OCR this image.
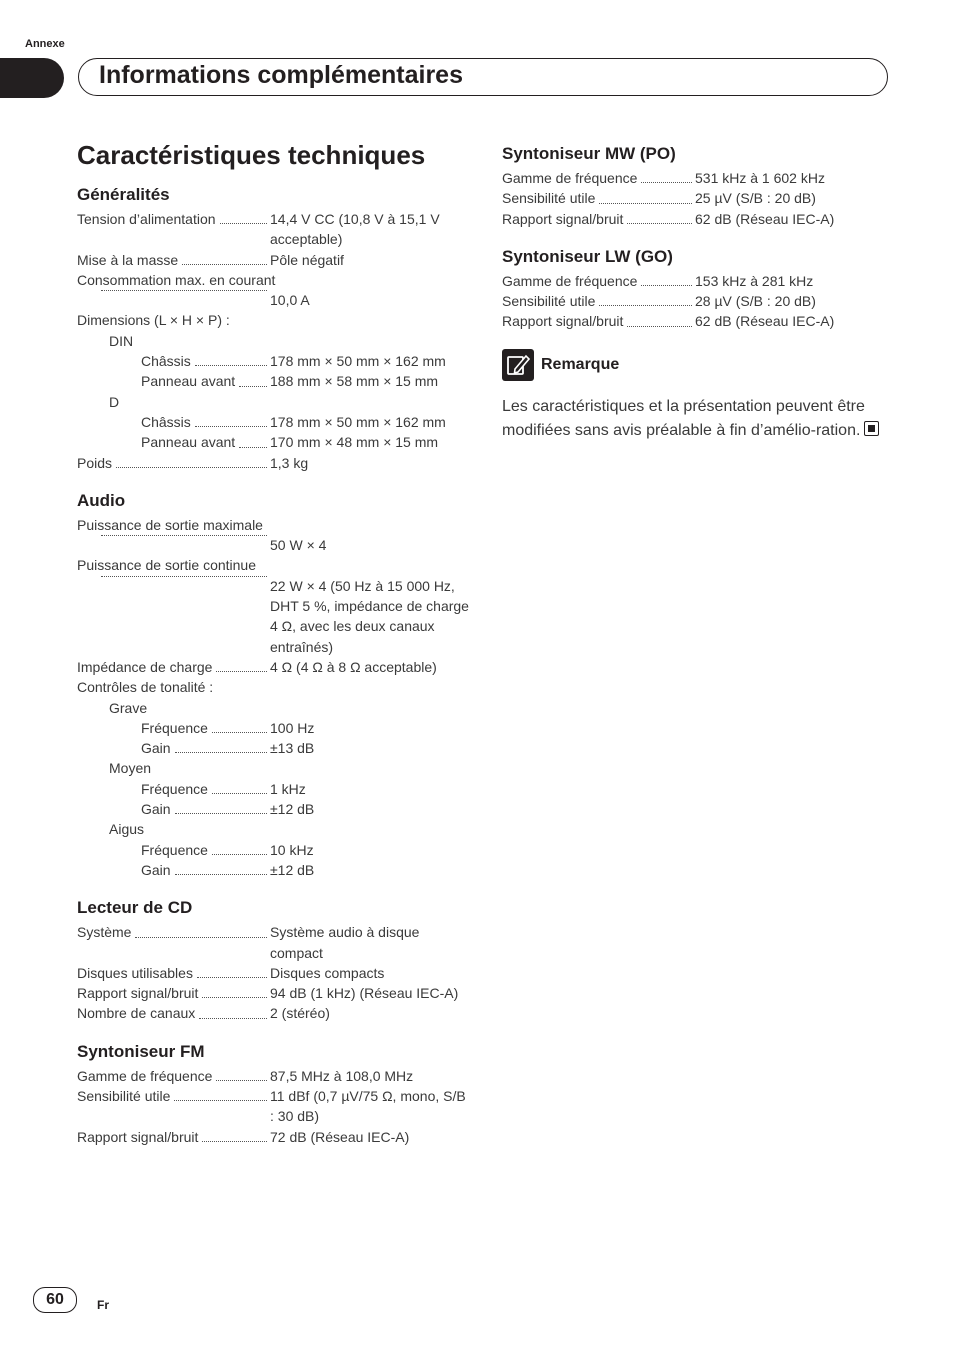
Annexe
Informations complémentaires
Caractéristiques techniques
Généralités
Tension d’alimentation	14,4 V CC (10,8 V à 15,1 V acceptable)
Mise à la masse	Pôle négatif
Consommation max. en courant
10,0 A
Dimensions (L × H × P) :
DIN
Châssis	178 mm × 50 mm × 162 mm
Panneau avant 188 mm × 58 mm × 15 mm
D
Châssis	178 mm × 50 mm × 162 mm
Panneau avant 170 mm × 48 mm × 15 mm
Poids	1,3 kg
Audio
Puissance de sortie maximale
50 W × 4
Puissance de sortie continue
22 W × 4 (50 Hz à 15 000 Hz, DHT 5 %, impédance de charge 4 Ω, avec les deux canaux entraînés)
Impédance de charge	4 Ω (4 Ω à 8 Ω acceptable)
Contrôles de tonalité :
Grave
Fréquence	100 Hz
Gain	±13 dB
Moyen
Fréquence	1 kHz
Gain	±12 dB
Aigus
Fréquence	10 kHz
Gain	±12 dB
Lecteur de CD
Système	Système audio à disque compact
Disques utilisables	Disques compacts
Rapport signal/bruit	94 dB (1 kHz) (Réseau IEC-A)
Nombre de canaux	2 (stéréo)
Syntoniseur FM
Gamme de fréquence	87,5 MHz à 108,0 MHz
Sensibilité utile	11 dBf (0,7 µV/75 Ω, mono, S/B : 30 dB)
Rapport signal/bruit	72 dB (Réseau IEC-A)
Syntoniseur MW (PO)
Gamme de fréquence	531 kHz à 1 602 kHz
Sensibilité utile	25 µV (S/B : 20 dB)
Rapport signal/bruit	62 dB (Réseau IEC-A)
Syntoniseur LW (GO)
Gamme de fréquence	153 kHz à 281 kHz
Sensibilité utile	28 µV (S/B : 20 dB)
Rapport signal/bruit	62 dB (Réseau IEC-A)
Remarque
Les caractéristiques et la présentation peuvent être modifiées sans avis préalable à fin d’amélio-ration.
60	Fr
